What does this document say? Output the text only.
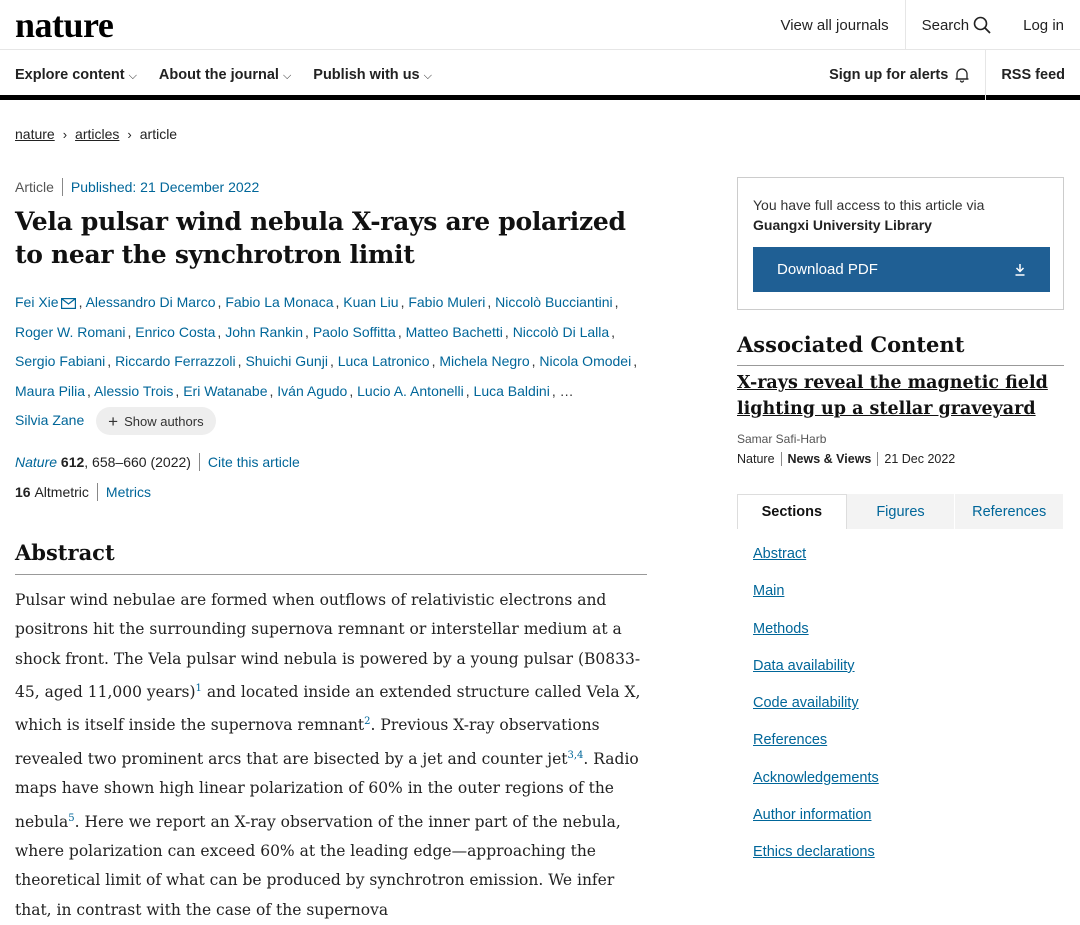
nature	View all journals	Search	Log in
Explore content ⌵ About the journal ⌵ Publish with us ⌵	Sign up for alerts	RSS feed
nature › articles › article
Article Published: 21 December 2022
Vela pulsar wind nebula X-rays are polarized to near the synchrotron limit
Fei Xie , Alessandro Di Marco , Fabio La Monaca , Kuan Liu , Fabio Muleri , Niccolò Bucciantini , Roger W. Romani , Enrico Costa , John Rankin , Paolo Soffitta , Matteo Bachetti , Niccolò Di Lalla , Sergio Fabiani , Riccardo Ferrazzoli , Shuichi Gunji , Luca Latronico , Michela Negro , Nicola Omodei , Maura Pilia , Alessio Trois , Eri Watanabe , Iván Agudo , Lucio A. Antonelli , Luca Baldini , …
Silvia Zane + Show authors
Nature
612 , 658–660 (2022) Cite this article
16
Altmetric Metrics
Abstract

Pulsar wind nebulae are formed when outflows of relativistic electrons and positrons hit the surrounding supernova remnant or interstellar medium at a shock front. The Vela pulsar wind nebula is powered by a young pulsar (B0833-45, aged 11,000 years)$^1$ and located inside an extended structure called Vela X, which is itself inside the supernova remnant$^2$. Previous X-ray observations revealed two prominent arcs that are bisected by a jet and counter jet$^{3,4}$. Radio maps have shown high linear polarization of 60% in the outer regions of the nebula$^5$. Here we report an X-ray observation of the inner part of the nebula, where polarization can exceed 60% at the leading edge—approaching the theoretical limit of what can be produced by synchrotron emission. We infer that, in contrast with the case of the supernova

You have full access to this article via
Guangxi University Library
Download PDF
Associated Content
X-rays reveal the magnetic field lighting up a stellar graveyard
Samar Safi-Harb
Nature News & Views 21 Dec 2022
Sections	Figures	References
Abstract
Main
Methods
Data availability
Code availability
References
Acknowledgements
Author information
Ethics declarations
